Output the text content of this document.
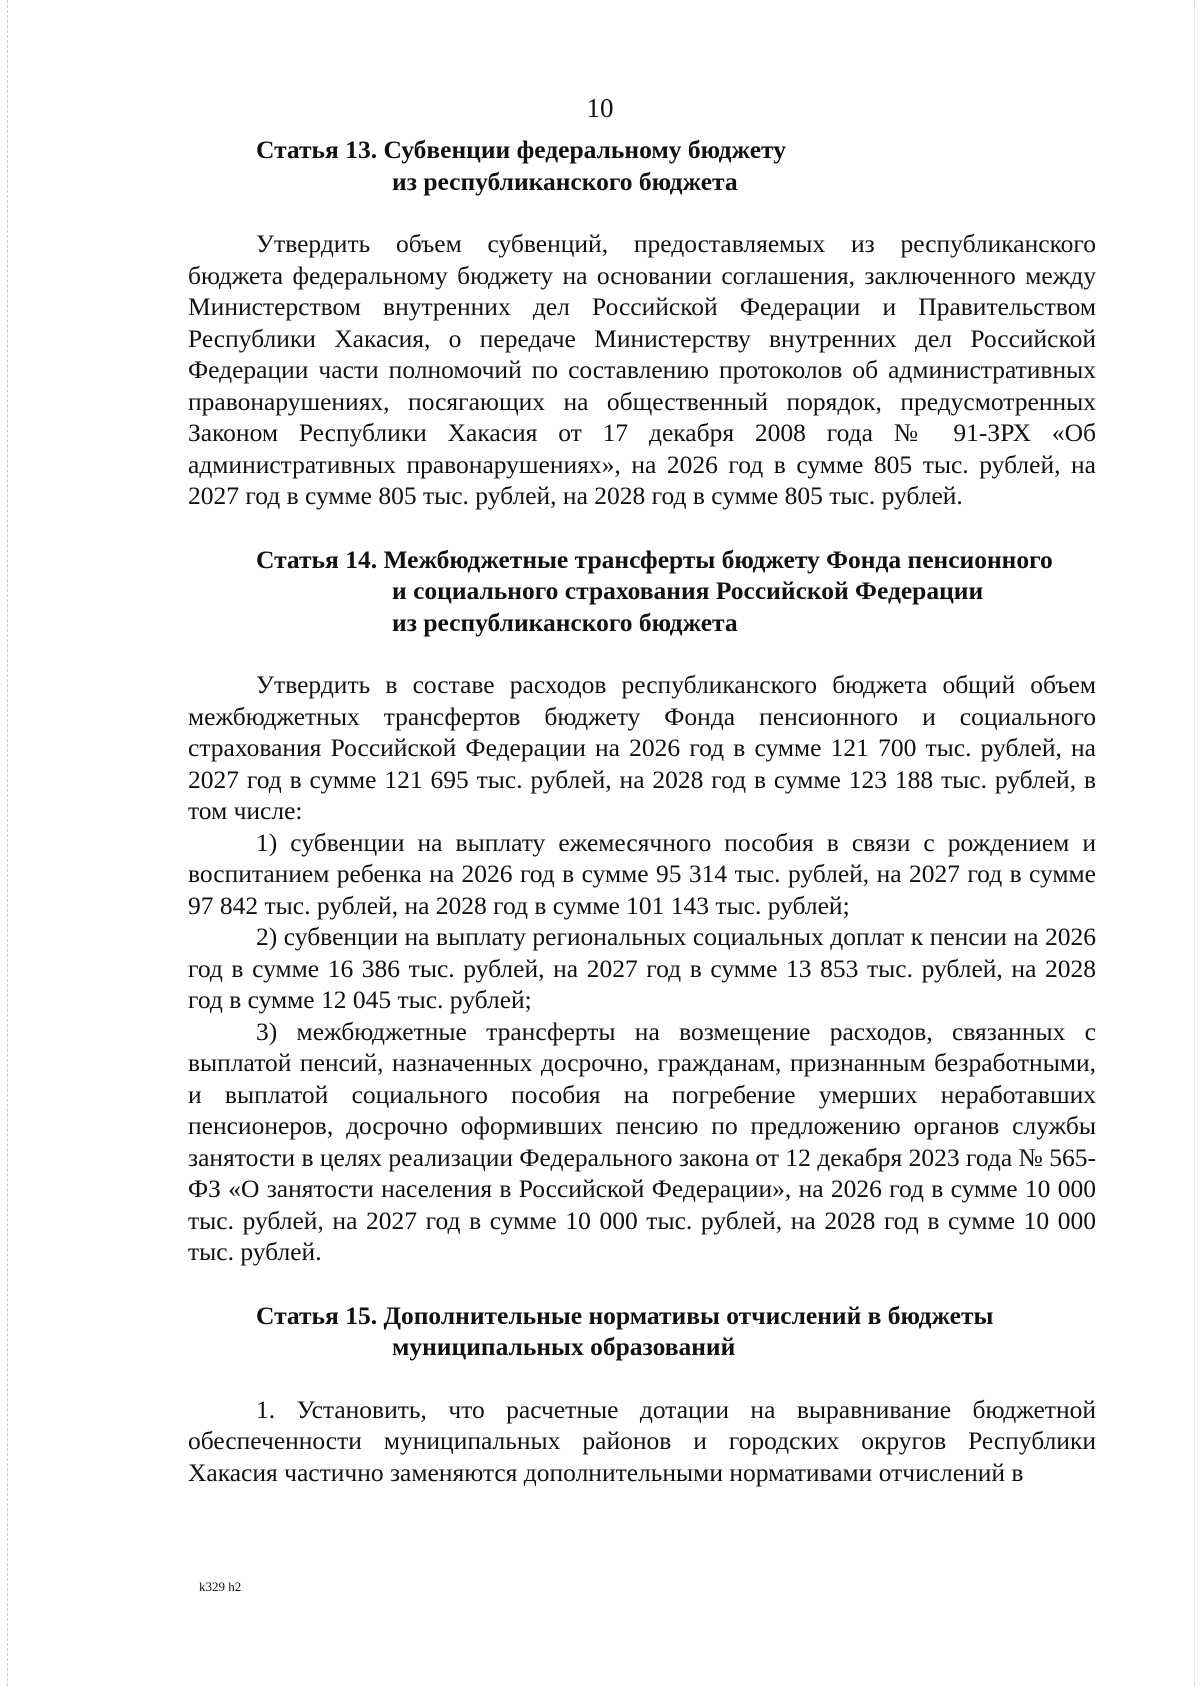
10
Статья 13. Субвенции федеральному бюджету
из республиканского бюджета

Утвердить объем субвенций, предоставляемых из республиканского бюджета федеральному бюджету на основании соглашения, заключенного между Министерством внутренних дел Российской Федерации и Правительством Республики Хакасия, о передаче Министерству внутренних дел Российской Федерации части полномочий по составлению протоколов об административных правонарушениях, посягающих на общественный порядок, предусмотренных Законом Республики Хакасия от 17 декабря 2008 года № 91-ЗРХ «Об административных правонарушениях», на 2026 год в сумме 805 тыс. рублей, на 2027 год в сумме 805 тыс. рублей, на 2028 год в сумме 805 тыс. рублей.

Статья 14. Межбюджетные трансферты бюджету Фонда пенсионного
и социального страхования Российской Федерации
из республиканского бюджета

Утвердить в составе расходов республиканского бюджета общий объем межбюджетных трансфертов бюджету Фонда пенсионного и социального страхования Российской Федерации на 2026 год в сумме 121 700 тыс. рублей, на 2027 год в сумме 121 695 тыс. рублей, на 2028 год в сумме 123 188 тыс. рублей, в том числе:

1) субвенции на выплату ежемесячного пособия в связи с рождением и воспитанием ребенка на 2026 год в сумме 95 314 тыс. рублей, на 2027 год в сумме 97 842 тыс. рублей, на 2028 год в сумме 101 143 тыс. рублей;

2) субвенции на выплату региональных социальных доплат к пенсии на 2026 год в сумме 16 386 тыс. рублей, на 2027 год в сумме 13 853 тыс. рублей, на 2028 год в сумме 12 045 тыс. рублей;

3) межбюджетные трансферты на возмещение расходов, связанных с выплатой пенсий, назначенных досрочно, гражданам, признанным безработными, и выплатой социального пособия на погребение умерших неработавших пенсионеров, досрочно оформивших пенсию по предложению органов службы занятости в целях реализации Федерального закона от 12 декабря 2023 года № 565-ФЗ «О занятости населения в Российской Федерации», на 2026 год в сумме 10 000 тыс. рублей, на 2027 год в сумме 10 000 тыс. рублей, на 2028 год в сумме 10 000 тыс. рублей.

Статья 15. Дополнительные нормативы отчислений в бюджеты
муниципальных образований

1. Установить, что расчетные дотации на выравнивание бюджетной обеспеченности муниципальных районов и городских округов Республики Хакасия частично заменяются дополнительными нормативами отчислений в

k329 h2
